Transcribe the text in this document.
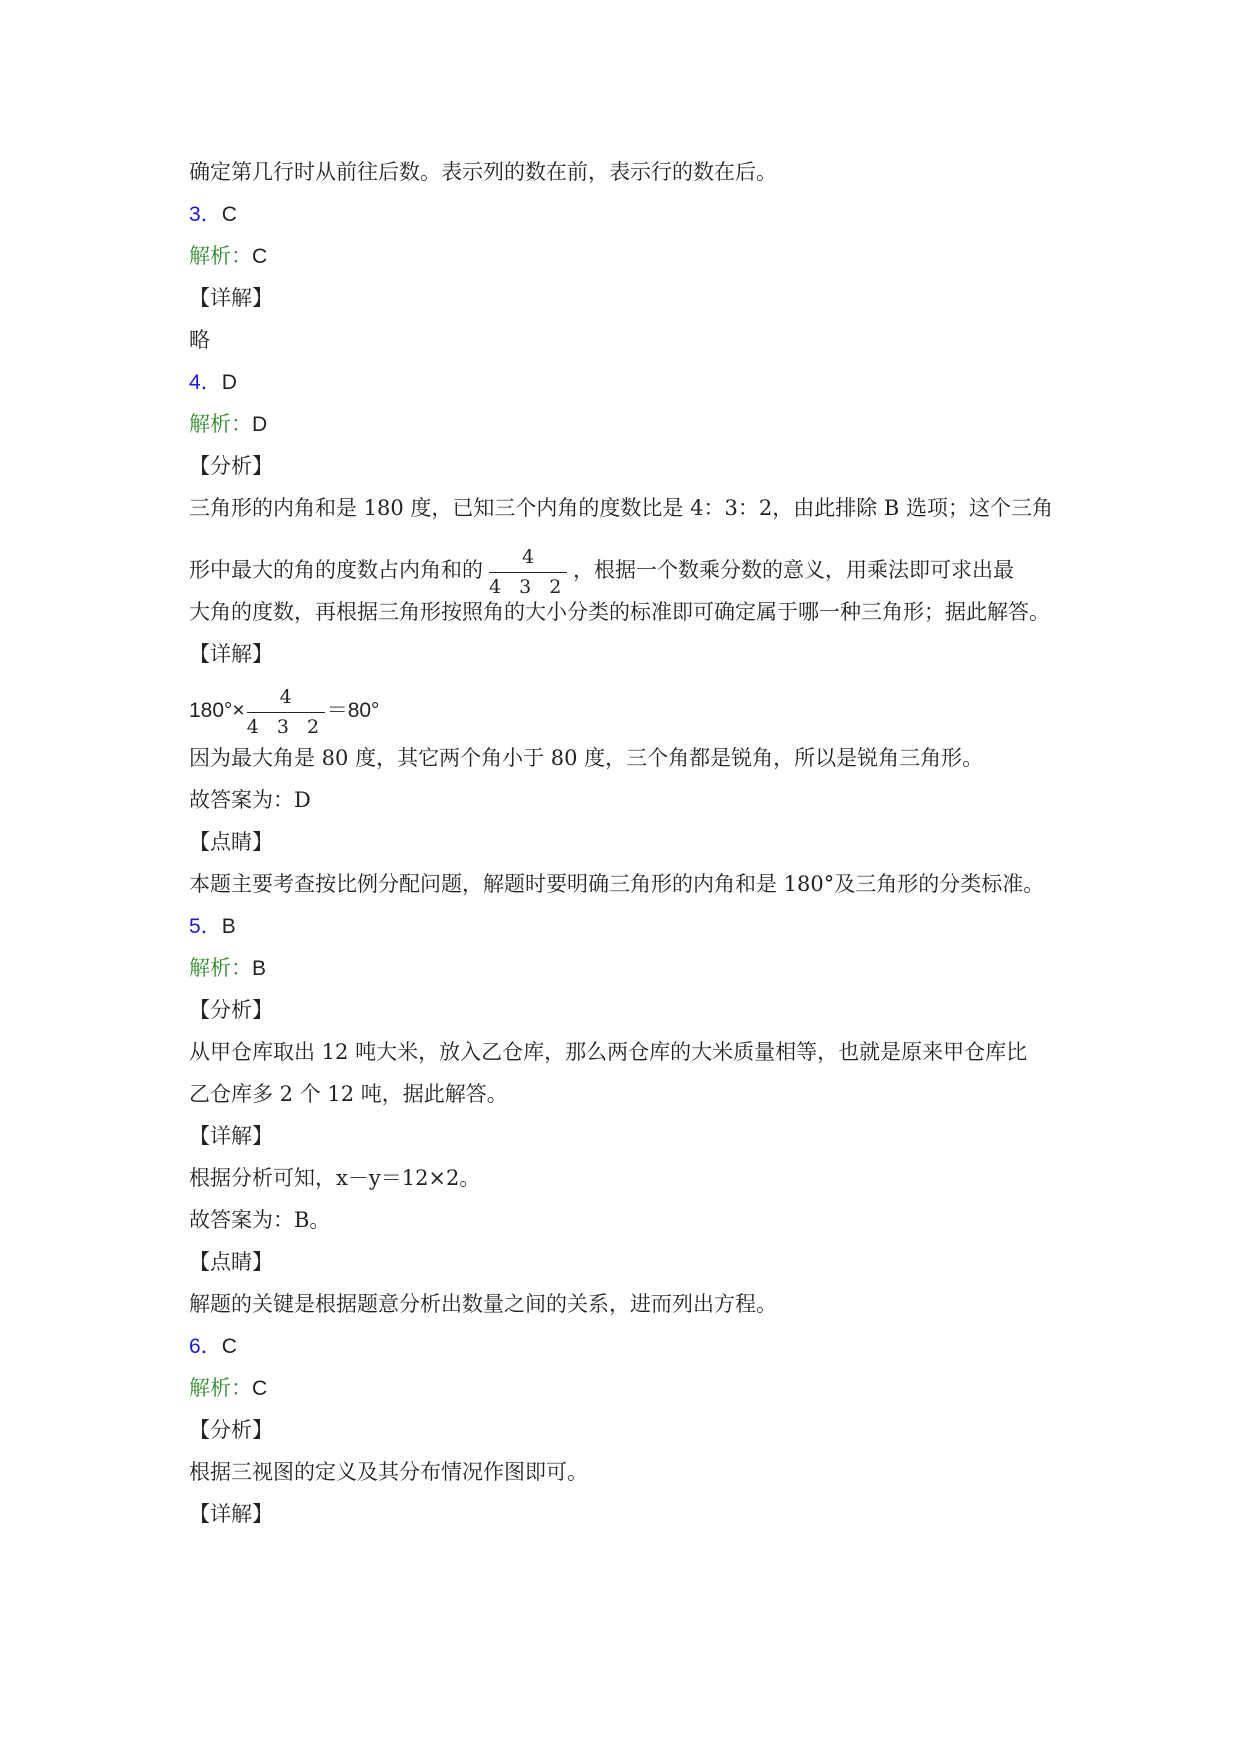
确定第几行时从前往后数。表示列的数在前，表示行的数在后。
3．C
解析：C
【详解】
略
4．D
解析：D
【分析】
三角形的内角和是 180 度，已知三个内角的度数比是 4：3：2，由此排除 B 选项；这个三角
形中最大的角的度数占内角和的 $\frac{4}{4 3 2}$ ，根据一个数乘分数的意义，用乘法即可求出最
大角的度数，再根据三角形按照角的大小分类的标准即可确定属于哪一种三角形；据此解答。
【详解】
$180^\circ\times \frac{4}{4 3 2} =80^\circ$
因为最大角是 80 度，其它两个角小于 80 度，三个角都是锐角，所以是锐角三角形。
故答案为：D
【点睛】
本题主要考查按比例分配问题，解题时要明确三角形的内角和是 180°及三角形的分类标准。
5．B
解析：B
【分析】
从甲仓库取出 12 吨大米，放入乙仓库，那么两仓库的大米质量相等，也就是原来甲仓库比
乙仓库多 2 个 12 吨，据此解答。
【详解】
根据分析可知，x－y＝12×2。
故答案为：B。
【点睛】
解题的关键是根据题意分析出数量之间的关系，进而列出方程。
6．C
解析：C
【分析】
根据三视图的定义及其分布情况作图即可。
【详解】
